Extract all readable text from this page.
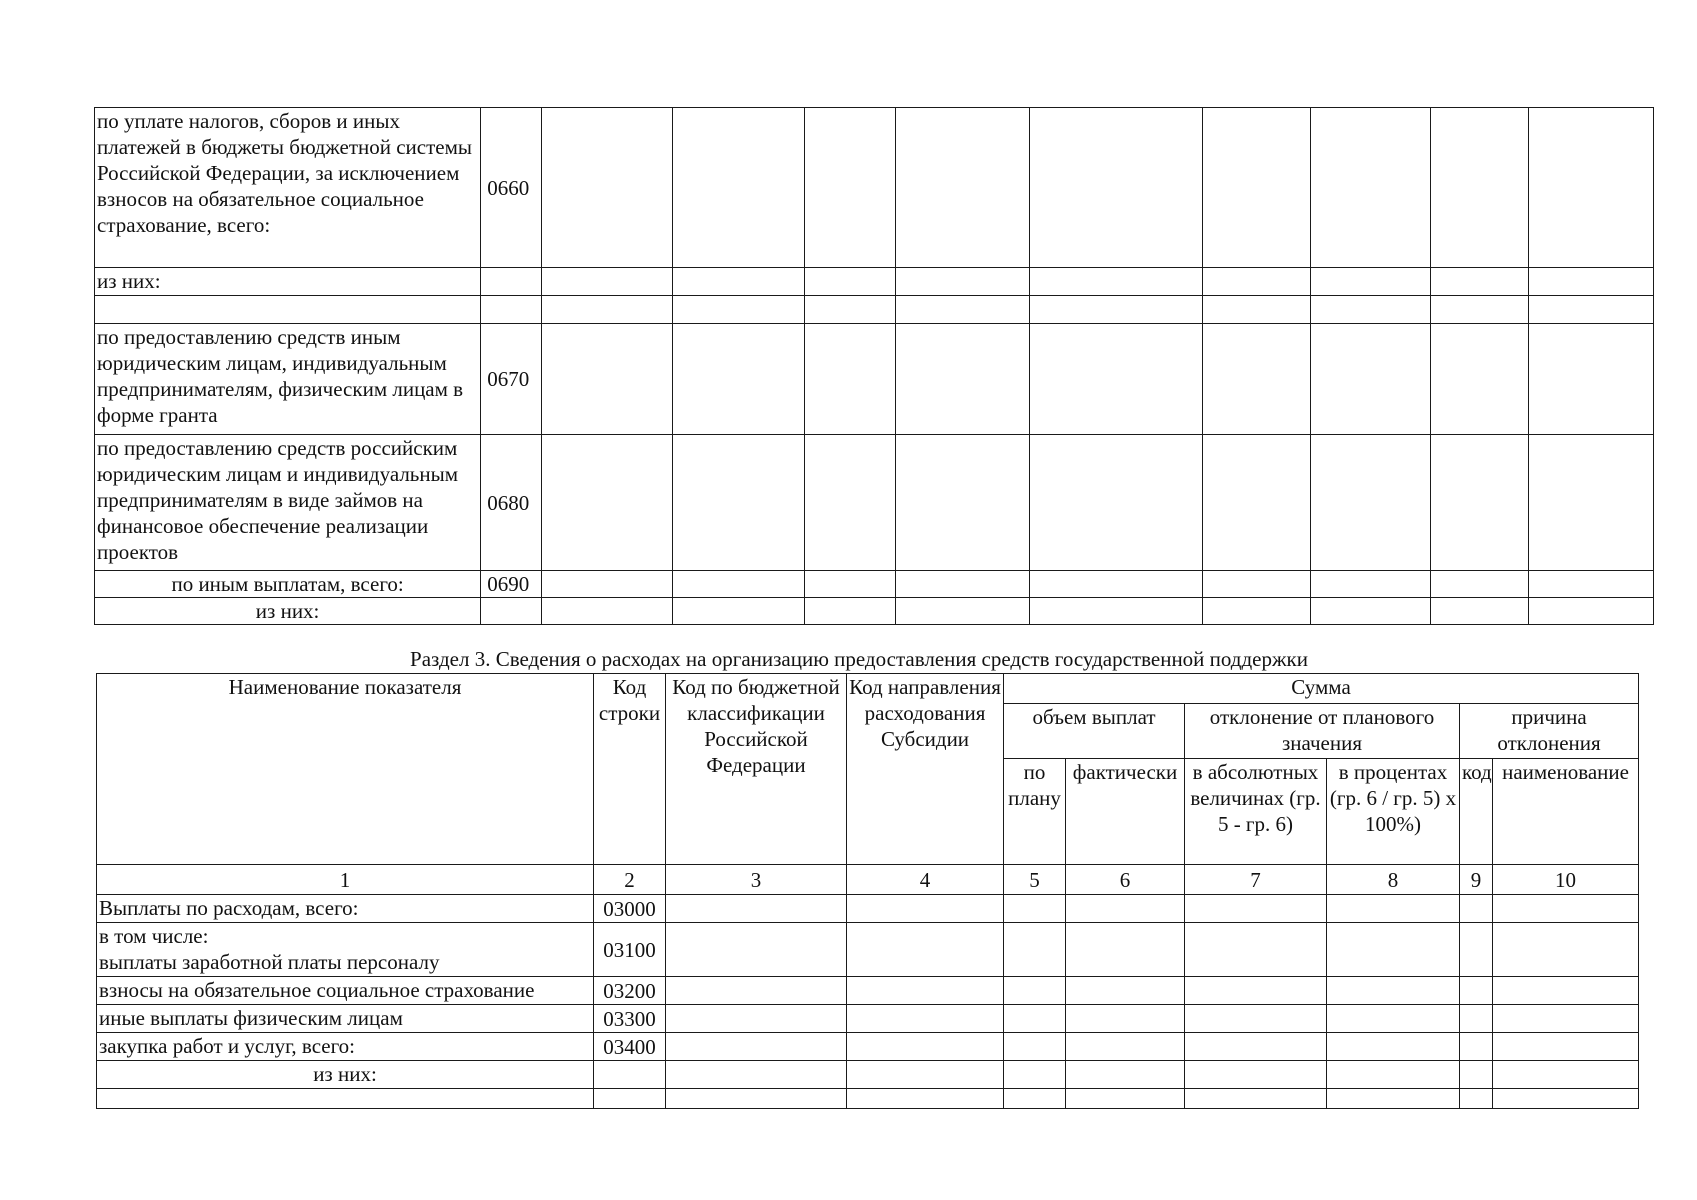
по уплате налогов, сборов и иных платежей в бюджеты бюджетной системы Российской Федерации, за исключением взносов на обязательное социальное страхование, всего:	0660									
из них:										

по предоставлению средств иным юридическим лицам, индивидуальным предпринимателям, физическим лицам в форме гранта	0670									
по предоставлению средств российским юридическим лицам и индивидуальным предпринимателям в виде займов на финансовое обеспечение реализации проектов	0680									
по иным выплатам, всего:	0690									
из них:										
Раздел 3. Сведения о расходах на организацию предоставления средств государственной поддержки
Наименование показателя	Код строки	Код по бюджетной классификации Российской Федерации	Код направления расходования Субсидии	Сумма					
				объем выплат		отклонение от планового значения		причина отклонения	
				по плану	фактически	в абсолютных величинах (гр. 5 - гр. 6)	в процентах (гр. 6 / гр. 5) х 100%)	код	наименование
1	2	3	4	5	6	7	8	9	10
Выплаты по расходам, всего:	03000								
в том числе:
выплаты заработной платы персоналу	03100								
взносы на обязательное социальное страхование	03200								
иные выплаты физическим лицам	03300								
закупка работ и услуг, всего:	03400								
из них:									
